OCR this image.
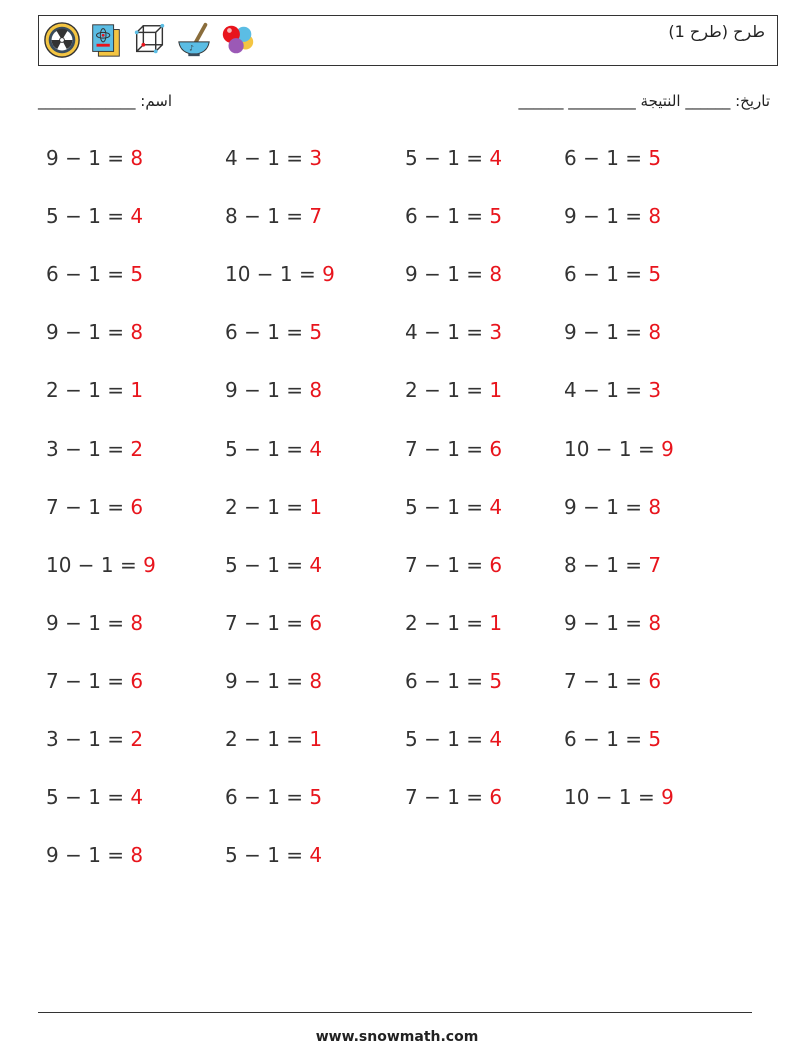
♪
طرح (طرح 1)
اسم: _____________	تاريخ: ______ النتيجة _________ ______
9 − 1 = 8	4 − 1 = 3	5 − 1 = 4	6 − 1 = 5
5 − 1 = 4	8 − 1 = 7	6 − 1 = 5	9 − 1 = 8
6 − 1 = 5	10 − 1 = 9	9 − 1 = 8	6 − 1 = 5
9 − 1 = 8	6 − 1 = 5	4 − 1 = 3	9 − 1 = 8
2 − 1 = 1	9 − 1 = 8	2 − 1 = 1	4 − 1 = 3
3 − 1 = 2	5 − 1 = 4	7 − 1 = 6	10 − 1 = 9
7 − 1 = 6	2 − 1 = 1	5 − 1 = 4	9 − 1 = 8
10 − 1 = 9	5 − 1 = 4	7 − 1 = 6	8 − 1 = 7
9 − 1 = 8	7 − 1 = 6	2 − 1 = 1	9 − 1 = 8
7 − 1 = 6	9 − 1 = 8	6 − 1 = 5	7 − 1 = 6
3 − 1 = 2	2 − 1 = 1	5 − 1 = 4	6 − 1 = 5
5 − 1 = 4	6 − 1 = 5	7 − 1 = 6	10 − 1 = 9
9 − 1 = 8	5 − 1 = 4
www.snowmath.com
